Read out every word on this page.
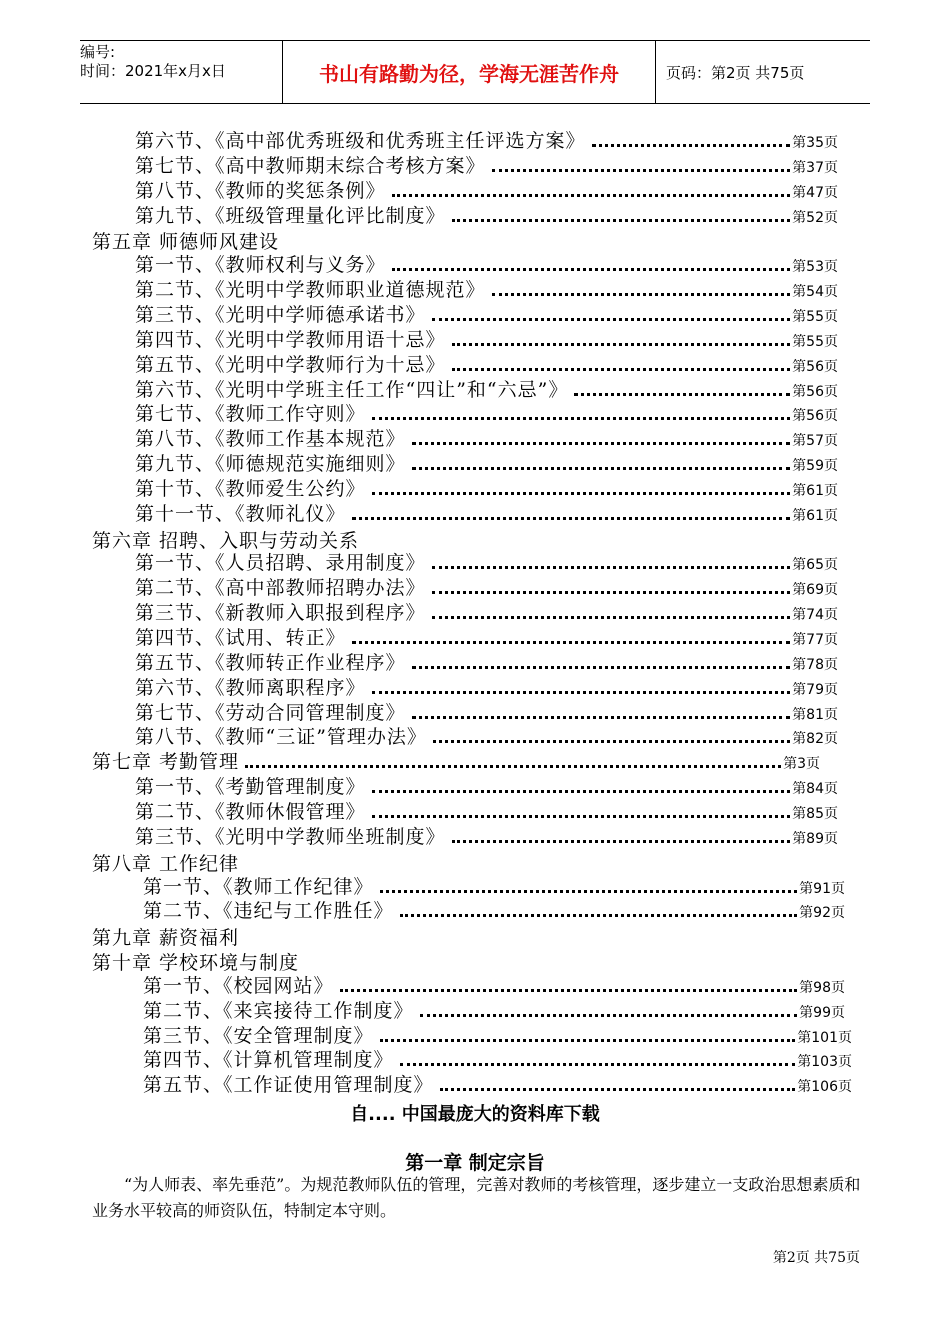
编号:
时间：2021年x月x日	书山有路勤为径，学海无涯苦作舟	页码：第2页 共75页
第六节、《高中部优秀班级和优秀班主任评选方案》	第35页
第七节、《高中教师期末综合考核方案》	第37页
第八节、《教师的奖惩条例》	第47页
第九节、《班级管理量化评比制度》	第52页
第五章 师德师风建设
第一节、《教师权利与义务》	第53页
第二节、《光明中学教师职业道德规范》	第54页
第三节、《光明中学师德承诺书》	第55页
第四节、《光明中学教师用语十忌》	第55页
第五节、《光明中学教师行为十忌》	第56页
第六节、《光明中学班主任工作“四让”和“六忌”》	第56页
第七节、《教师工作守则》	第56页
第八节、《教师工作基本规范》	第57页
第九节、《师德规范实施细则》	第59页
第十节、《教师爱生公约》	第61页
第十一节、《教师礼仪》	第61页
第六章 招聘、入职与劳动关系
第一节、《人员招聘、录用制度》	第65页
第二节、《高中部教师招聘办法》	第69页
第三节、《新教师入职报到程序》	第74页
第四节、《试用、转正》	第77页
第五节、《教师转正作业程序》	第78页
第六节、《教师离职程序》	第79页
第七节、《劳动合同管理制度》	第81页
第八节、《教师“三证”管理办法》	第82页
第七章 考勤管理	第3页
第一节、《考勤管理制度》	第84页
第二节、《教师休假管理》	第85页
第三节、《光明中学教师坐班制度》	第89页
第八章 工作纪律
第一节、《教师工作纪律》	第91页
第二节、《违纪与工作胜任》	第92页
第九章 薪资福利
第十章 学校环境与制度
第一节、《校园网站》	第98页
第二节、《来宾接待工作制度》	第99页
第三节、《安全管理制度》	第101页
第四节、《计算机管理制度》	第103页
第五节、《工作证使用管理制度》	第106页
自.... 中国最庞大的资料库下载
第一章 制定宗旨
“为人师表、率先垂范”。为规范教师队伍的管理，完善对教师的考核管理，逐步建立一支政治思想素质和业务水平较高的师资队伍，特制定本守则。
第2页 共75页
